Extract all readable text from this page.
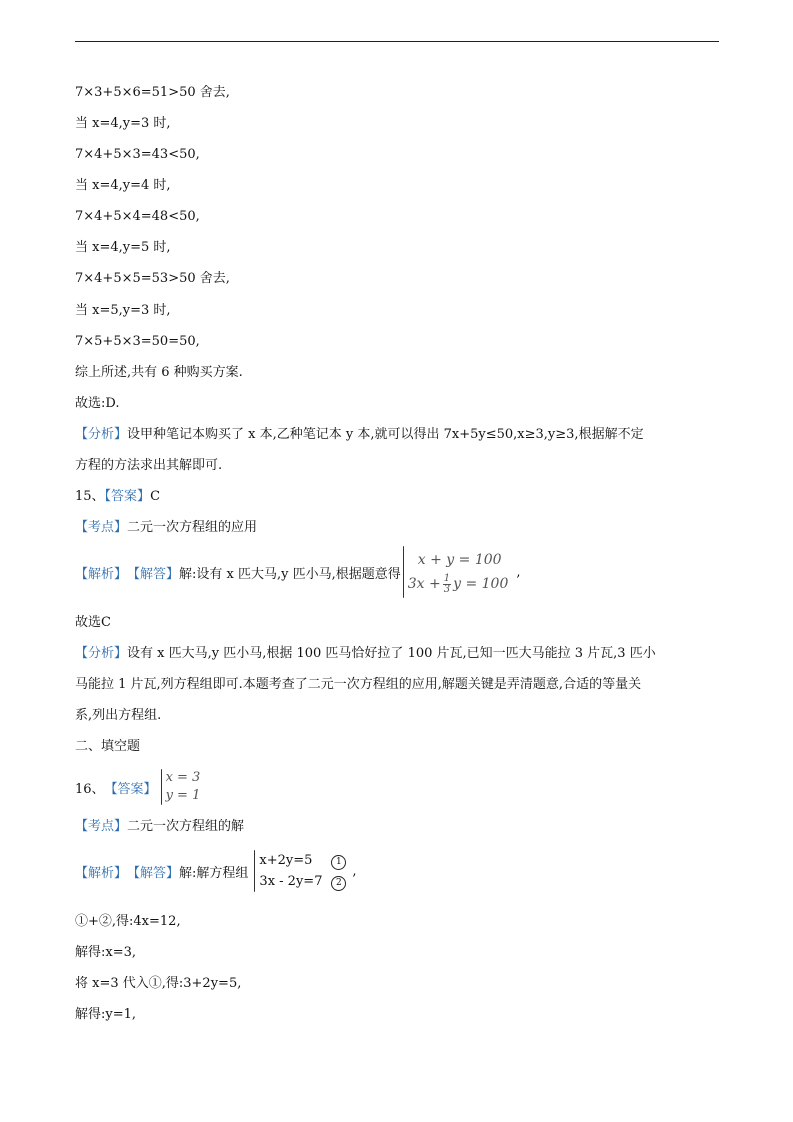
7×3+5×6=51>50 舍去,
当 x=4,y=3 时,
7×4+5×3=43<50,
当 x=4,y=4 时,
7×4+5×4=48<50,
当 x=4,y=5 时,
7×4+5×5=53>50 舍去,
当 x=5,y=3 时,
7×5+5×3=50=50,
综上所述,共有 6 种购买方案.
故选:D.
【分析】设甲种笔记本购买了 x 本,乙种笔记本 y 本,就可以得出 7x+5y≤50,x≥3,y≥3,根据解不定
方程的方法求出其解即可.
15、【答案】C
【考点】二元一次方程组的应用
【解析】 【解答】 解:设有 x 匹大马,y 匹小马,根据题意得
x + y = 100
$3x + \frac{1}{3}$ y = 100
,
故选C
【分析】设有 x 匹大马,y 匹小马,根据 100 匹马恰好拉了 100 片瓦,已知一匹大马能拉 3 片瓦,3 匹小
马能拉 1 片瓦,列方程组即可.本题考查了二元一次方程组的应用,解题关键是弄清题意,合适的等量关
系,列出方程组.
二、填空题
16、 【答案】
x = 3
y = 1
【考点】二元一次方程组的解
【解析】 【解答】 解:解方程组
x+2y=5	1
3x - 2y=7 2
,
①+②,得:4x=12,
解得:x=3,
将 x=3 代入①,得:3+2y=5,
解得:y=1,
